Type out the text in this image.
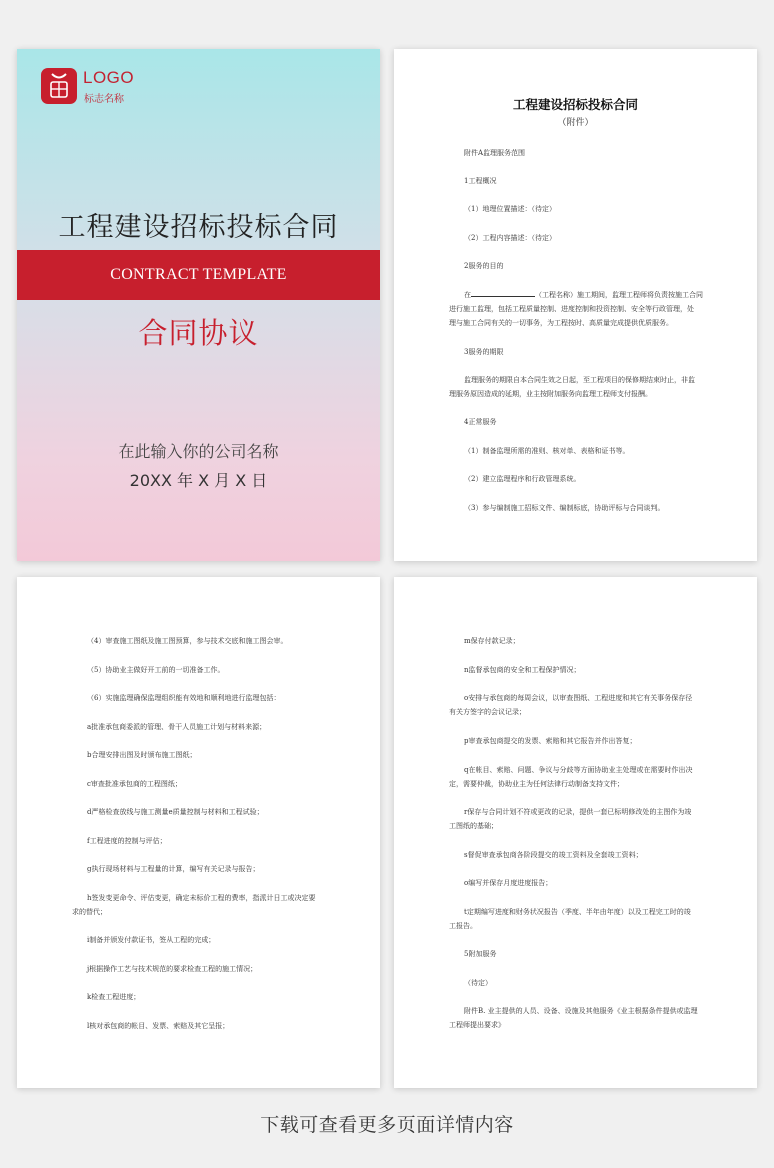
LOGO
标志名称
工程建设招标投标合同
CONTRACT TEMPLATE
合同协议
在此输入你的公司名称
20XX 年 X 月 X 日
工程建设招标投标合同
（附件）
附件A监理服务范围
1工程概况
（1）地理位置描述：（待定）
（2）工程内容描述：（待定）
2服务的目的
在	（工程名称）施工期间，监理工程师将负责按施工合同
进行施工监理，包括工程质量控制、进度控制和投资控制、安全等行政管理，处
理与施工合同有关的一切事务，为工程按时、高质量完成提供优质服务。
3服务的期限
监理服务的期限自本合同生效之日起，至工程项目的保修期结束时止，非监
理服务原因造成的延期，业主按附加服务向监理工程师支付报酬。
4正常服务
（1）制备监理所需的准则、核对单、表格和证书等。
（2）建立监理程序和行政管理系统。
（3）参与编制施工招标文件、编制标底，协助评标与合同谈判。
（4）审查施工图纸及施工图预算，参与技术交底和施工图会审。
（5）协助业主做好开工前的一切准备工作。
（6）实施监理确保监理组织能有效地和顺利地进行监理包括：
a批准承包商委派的管理、骨干人员施工计划与材料来源；
b合理安排出图及时颁布施工图纸；
c审查批准承包商的工程图纸；
d严格检查放线与施工测量e质量控制与材料和工程试验；
f工程进度的控制与评估；
g执行现场材料与工程量的计算，编写有关记录与报告；
h签发变更命令、评估变更，确定未标价工程的费率，指派计日工或决定要
求的替代；
i制备并颁发付款证书，签从工程的完成；
j根据操作工艺与技术规范的要求检查工程的施工情况；
k检查工程进度；
l核对承包商的帐目、发票、索赔及其它呈报；
m保存付款记录；
n监督承包商的安全和工程保护情况；
o安排与承包商的每周会议，以审查图纸、工程进度和其它有关事务保存径
有关方签字的会议记录；
p审查承包商提交的发票、索赔和其它报告并作出答复；
q在帐目、索赔、问题、争议与分歧等方面协助业主处理或在需要时作出决
定，需要仲裁，协助业主为任何法律行动制备支持文件；
r保存与合同计划不符或更改的记录，提供一套已标明修改处的主图作为竣
工图纸的基础；
s督促审查承包商各阶段提交的竣工资料及全套竣工资料；
o编写并保存月度进度报告；
t定期编写进度和财务状况报告（季度、半年由年度）以及工程完工时的竣
工报告。
5附加服务
（待定）
附件B. 业主提供的人员、设备、设施及其他服务《业主根据条件提供或监理
工程师提出要求》
下载可查看更多页面详情内容
